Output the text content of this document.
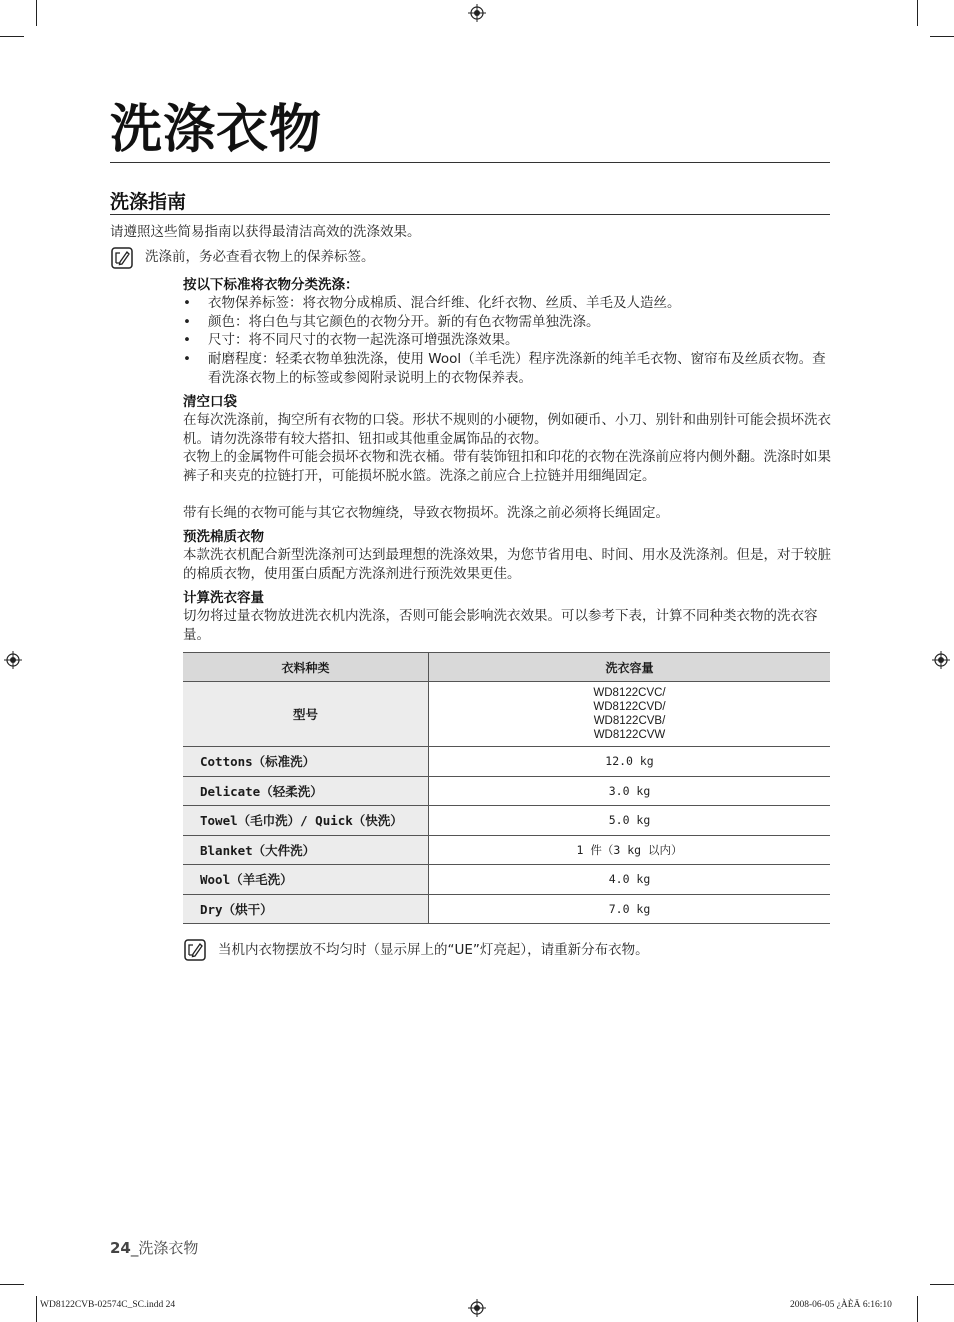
洗涤衣物
洗涤指南
请遵照这些简易指南以获得最清洁高效的洗涤效果。
洗涤前，务必查看衣物上的保养标签。
按以下标准将衣物分类洗涤：
• 衣物保养标签：将衣物分成棉质、混合纤维、化纤衣物、丝质、羊毛及人造丝。
• 颜色：将白色与其它颜色的衣物分开。新的有色衣物需单独洗涤。
• 尺寸：将不同尺寸的衣物一起洗涤可增强洗涤效果。
• 耐磨程度：轻柔衣物单独洗涤，使用 Wool（羊毛洗）程序洗涤新的纯羊毛衣物、窗帘布及丝质衣物。查看洗涤衣物上的标签或参阅附录说明上的衣物保养表。
清空口袋
在每次洗涤前，掏空所有衣物的口袋。形状不规则的小硬物，例如硬币、小刀、别针和曲别针可能会损坏洗衣机。请勿洗涤带有较大搭扣、钮扣或其他重金属饰品的衣物。
衣物上的金属物件可能会损坏衣物和洗衣桶。带有装饰钮扣和印花的衣物在洗涤前应将内侧外翻。洗涤时如果裤子和夹克的拉链打开，可能损坏脱水篮。洗涤之前应合上拉链并用细绳固定。
带有长绳的衣物可能与其它衣物缠绕，导致衣物损坏。洗涤之前必须将长绳固定。
预洗棉质衣物
本款洗衣机配合新型洗涤剂可达到最理想的洗涤效果，为您节省用电、时间、用水及洗涤剂。但是，对于较脏的棉质衣物，使用蛋白质配方洗涤剂进行预洗效果更佳。
计算洗衣容量
切勿将过量衣物放进洗衣机内洗涤，否则可能会影响洗衣效果。可以参考下表，计算不同种类衣物的洗衣容量。
衣料种类	洗衣容量
型号	WD8122CVC/
WD8122CVD/
WD8122CVB/
WD8122CVW

Cottons（标准洗）	12.0 kg
Delicate（轻柔洗）	3.0 kg
Towel（毛巾洗）/ Quick（快洗）	5.0 kg
Blanket（大件洗）	1 件（3 kg 以内）
Wool（羊毛洗）	4.0 kg
Dry（烘干）	7.0 kg
当机内衣物摆放不均匀时（显示屏上的“UE”灯亮起），请重新分布衣物。
24_洗涤衣物
WD8122CVB-02574C_SC.indd 24	2008-06-05 ¿ÀÈÄ 6:16:10
